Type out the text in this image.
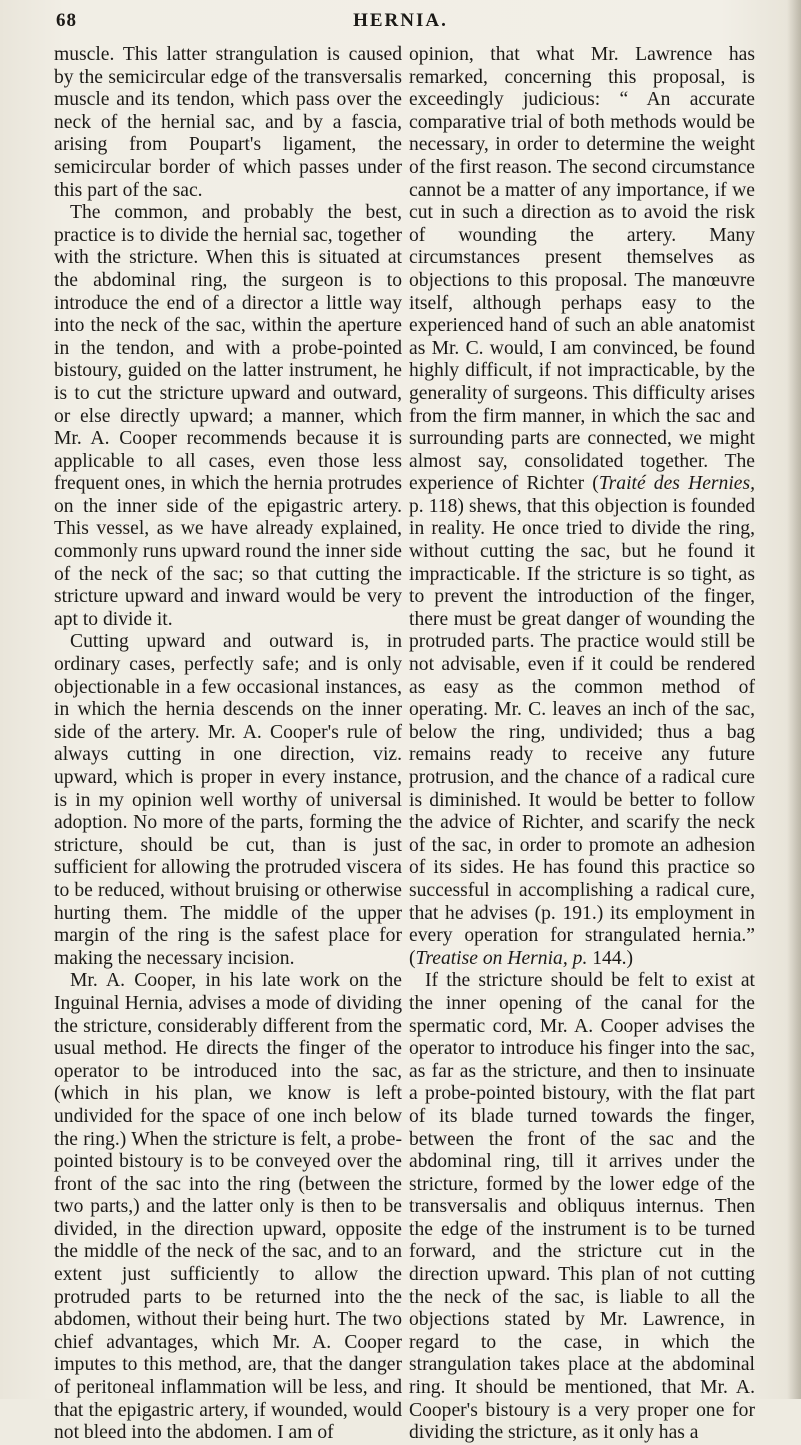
68	HERNIA.

muscle. This latter strangulation is caused by the semicircular edge of the transversalis muscle and its tendon, which pass over the neck of the hernial sac, and by a fascia, arising from Poupart's ligament, the semicircular border of which passes under this part of the sac.

The common, and probably the best, practice is to divide the hernial sac, together with the stricture. When this is situated at the abdominal ring, the surgeon is to introduce the end of a director a little way into the neck of the sac, within the aperture in the tendon, and with a probe-pointed bistoury, guided on the latter instrument, he is to cut the stricture upward and outward, or else directly upward; a manner, which Mr. A. Cooper recommends because it is applicable to all cases, even those less frequent ones, in which the hernia protrudes on the inner side of the epigastric artery. This vessel, as we have already explained, commonly runs upward round the inner side of the neck of the sac; so that cutting the stricture upward and inward would be very apt to divide it.

Cutting upward and outward is, in ordinary cases, perfectly safe; and is only objectionable in a few occasional instances, in which the hernia descends on the inner side of the artery. Mr. A. Cooper's rule of always cutting in one direction, viz. upward, which is proper in every instance, is in my opinion well worthy of universal adoption. No more of the parts, forming the stricture, should be cut, than is just sufficient for allowing the protruded viscera to be reduced, without bruising or otherwise hurting them. The middle of the upper margin of the ring is the safest place for making the necessary incision.

Mr. A. Cooper, in his late work on the Inguinal Hernia, advises a mode of dividing the stricture, considerably different from the usual method. He directs the finger of the operator to be introduced into the sac, (which in his plan, we know is left undivided for the space of one inch below the ring.) When the stricture is felt, a probe-pointed bistoury is to be conveyed over the front of the sac into the ring (between the two parts,) and the latter only is then to be divided, in the direction upward, opposite the middle of the neck of the sac, and to an extent just sufficiently to allow the protruded parts to be returned into the abdomen, without their being hurt. The two chief advantages, which Mr. A. Cooper imputes to this method, are, that the danger of peritoneal inflammation will be less, and that the epigastric artery, if wounded, would not bleed into the abdomen. I am of

opinion, that what Mr. Lawrence has remarked, concerning this proposal, is exceedingly judicious: “ An accurate comparative trial of both methods would be necessary, in order to determine the weight of the first reason. The second circumstance cannot be a matter of any importance, if we cut in such a direction as to avoid the risk of wounding the artery. Many circumstances present themselves as objections to this proposal. The manœuvre itself, although perhaps easy to the experienced hand of such an able anatomist as Mr. C. would, I am convinced, be found highly difficult, if not impracticable, by the generality of surgeons. This difficulty arises from the firm manner, in which the sac and surrounding parts are connected, we might almost say, consolidated together. The experience of Richter (Traité des Hernies, p. 118) shews, that this objection is founded in reality. He once tried to divide the ring, without cutting the sac, but he found it impracticable. If the stricture is so tight, as to prevent the introduction of the finger, there must be great danger of wounding the protruded parts. The practice would still be not advisable, even if it could be rendered as easy as the common method of operating. Mr. C. leaves an inch of the sac, below the ring, undivided; thus a bag remains ready to receive any future protrusion, and the chance of a radical cure is diminished. It would be better to follow the advice of Richter, and scarify the neck of the sac, in order to promote an adhesion of its sides. He has found this practice so successful in accomplishing a radical cure, that he advises (p. 191.) its employment in every operation for strangulated hernia.” (Treatise on Hernia, p. 144.)

If the stricture should be felt to exist at the inner opening of the canal for the spermatic cord, Mr. A. Cooper advises the operator to introduce his finger into the sac, as far as the stricture, and then to insinuate a probe-pointed bistoury, with the flat part of its blade turned towards the finger, between the front of the sac and the abdominal ring, till it arrives under the stricture, formed by the lower edge of the transversalis and obliquus internus. Then the edge of the instrument is to be turned forward, and the stricture cut in the direction upward. This plan of not cutting the neck of the sac, is liable to all the objections stated by Mr. Lawrence, in regard to the case, in which the strangulation takes place at the abdominal ring. It should be mentioned, that Mr. A. Cooper's bistoury is a very proper one for dividing the stricture, as it only has a
